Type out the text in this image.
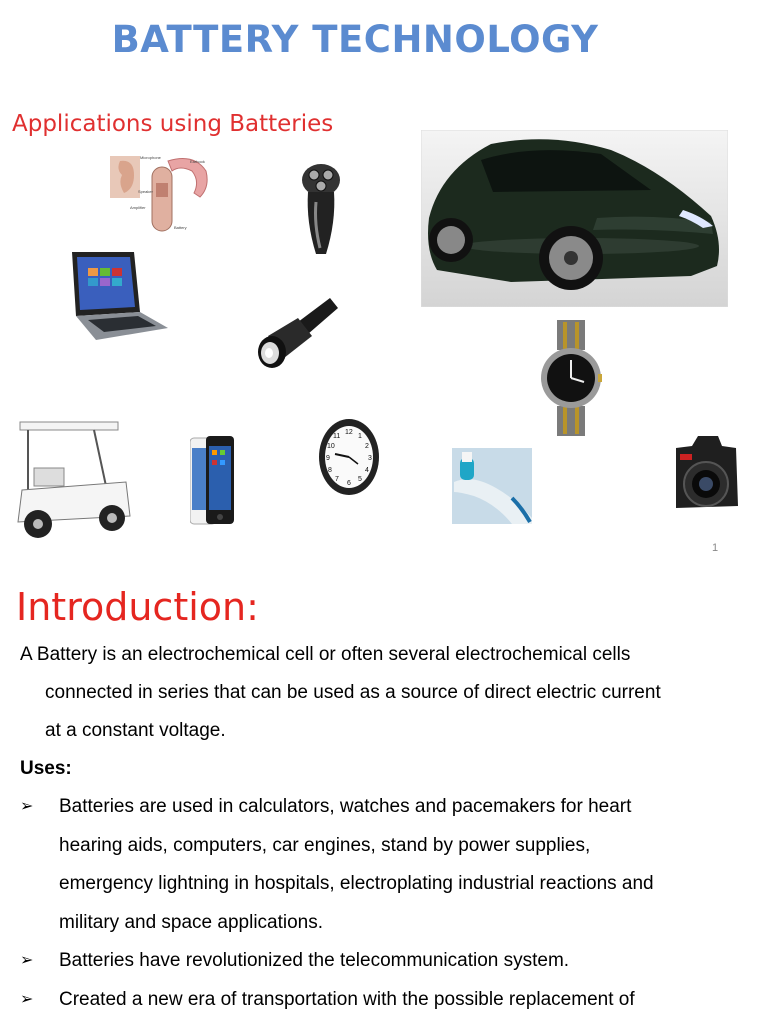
BATTERY TECHNOLOGY
Applications using Batteries
Microphone
Earhook
Speaker
Amplifier
Battery
12
1
2
3
4
5
6
7
8
9
10
11
1
Introduction:
A Battery is an electrochemical cell or often several electrochemical cells
connected in series that can be used as a source of direct electric current
at a constant voltage.
Uses:
➢ Batteries are used in calculators, watches and pacemakers for heart
hearing aids, computers, car engines, stand by power supplies,
emergency lightning in hospitals, electroplating industrial reactions and
military and space applications.
➢ Batteries have revolutionized the telecommunication system.
➢ Created a new era of transportation with the possible replacement of
